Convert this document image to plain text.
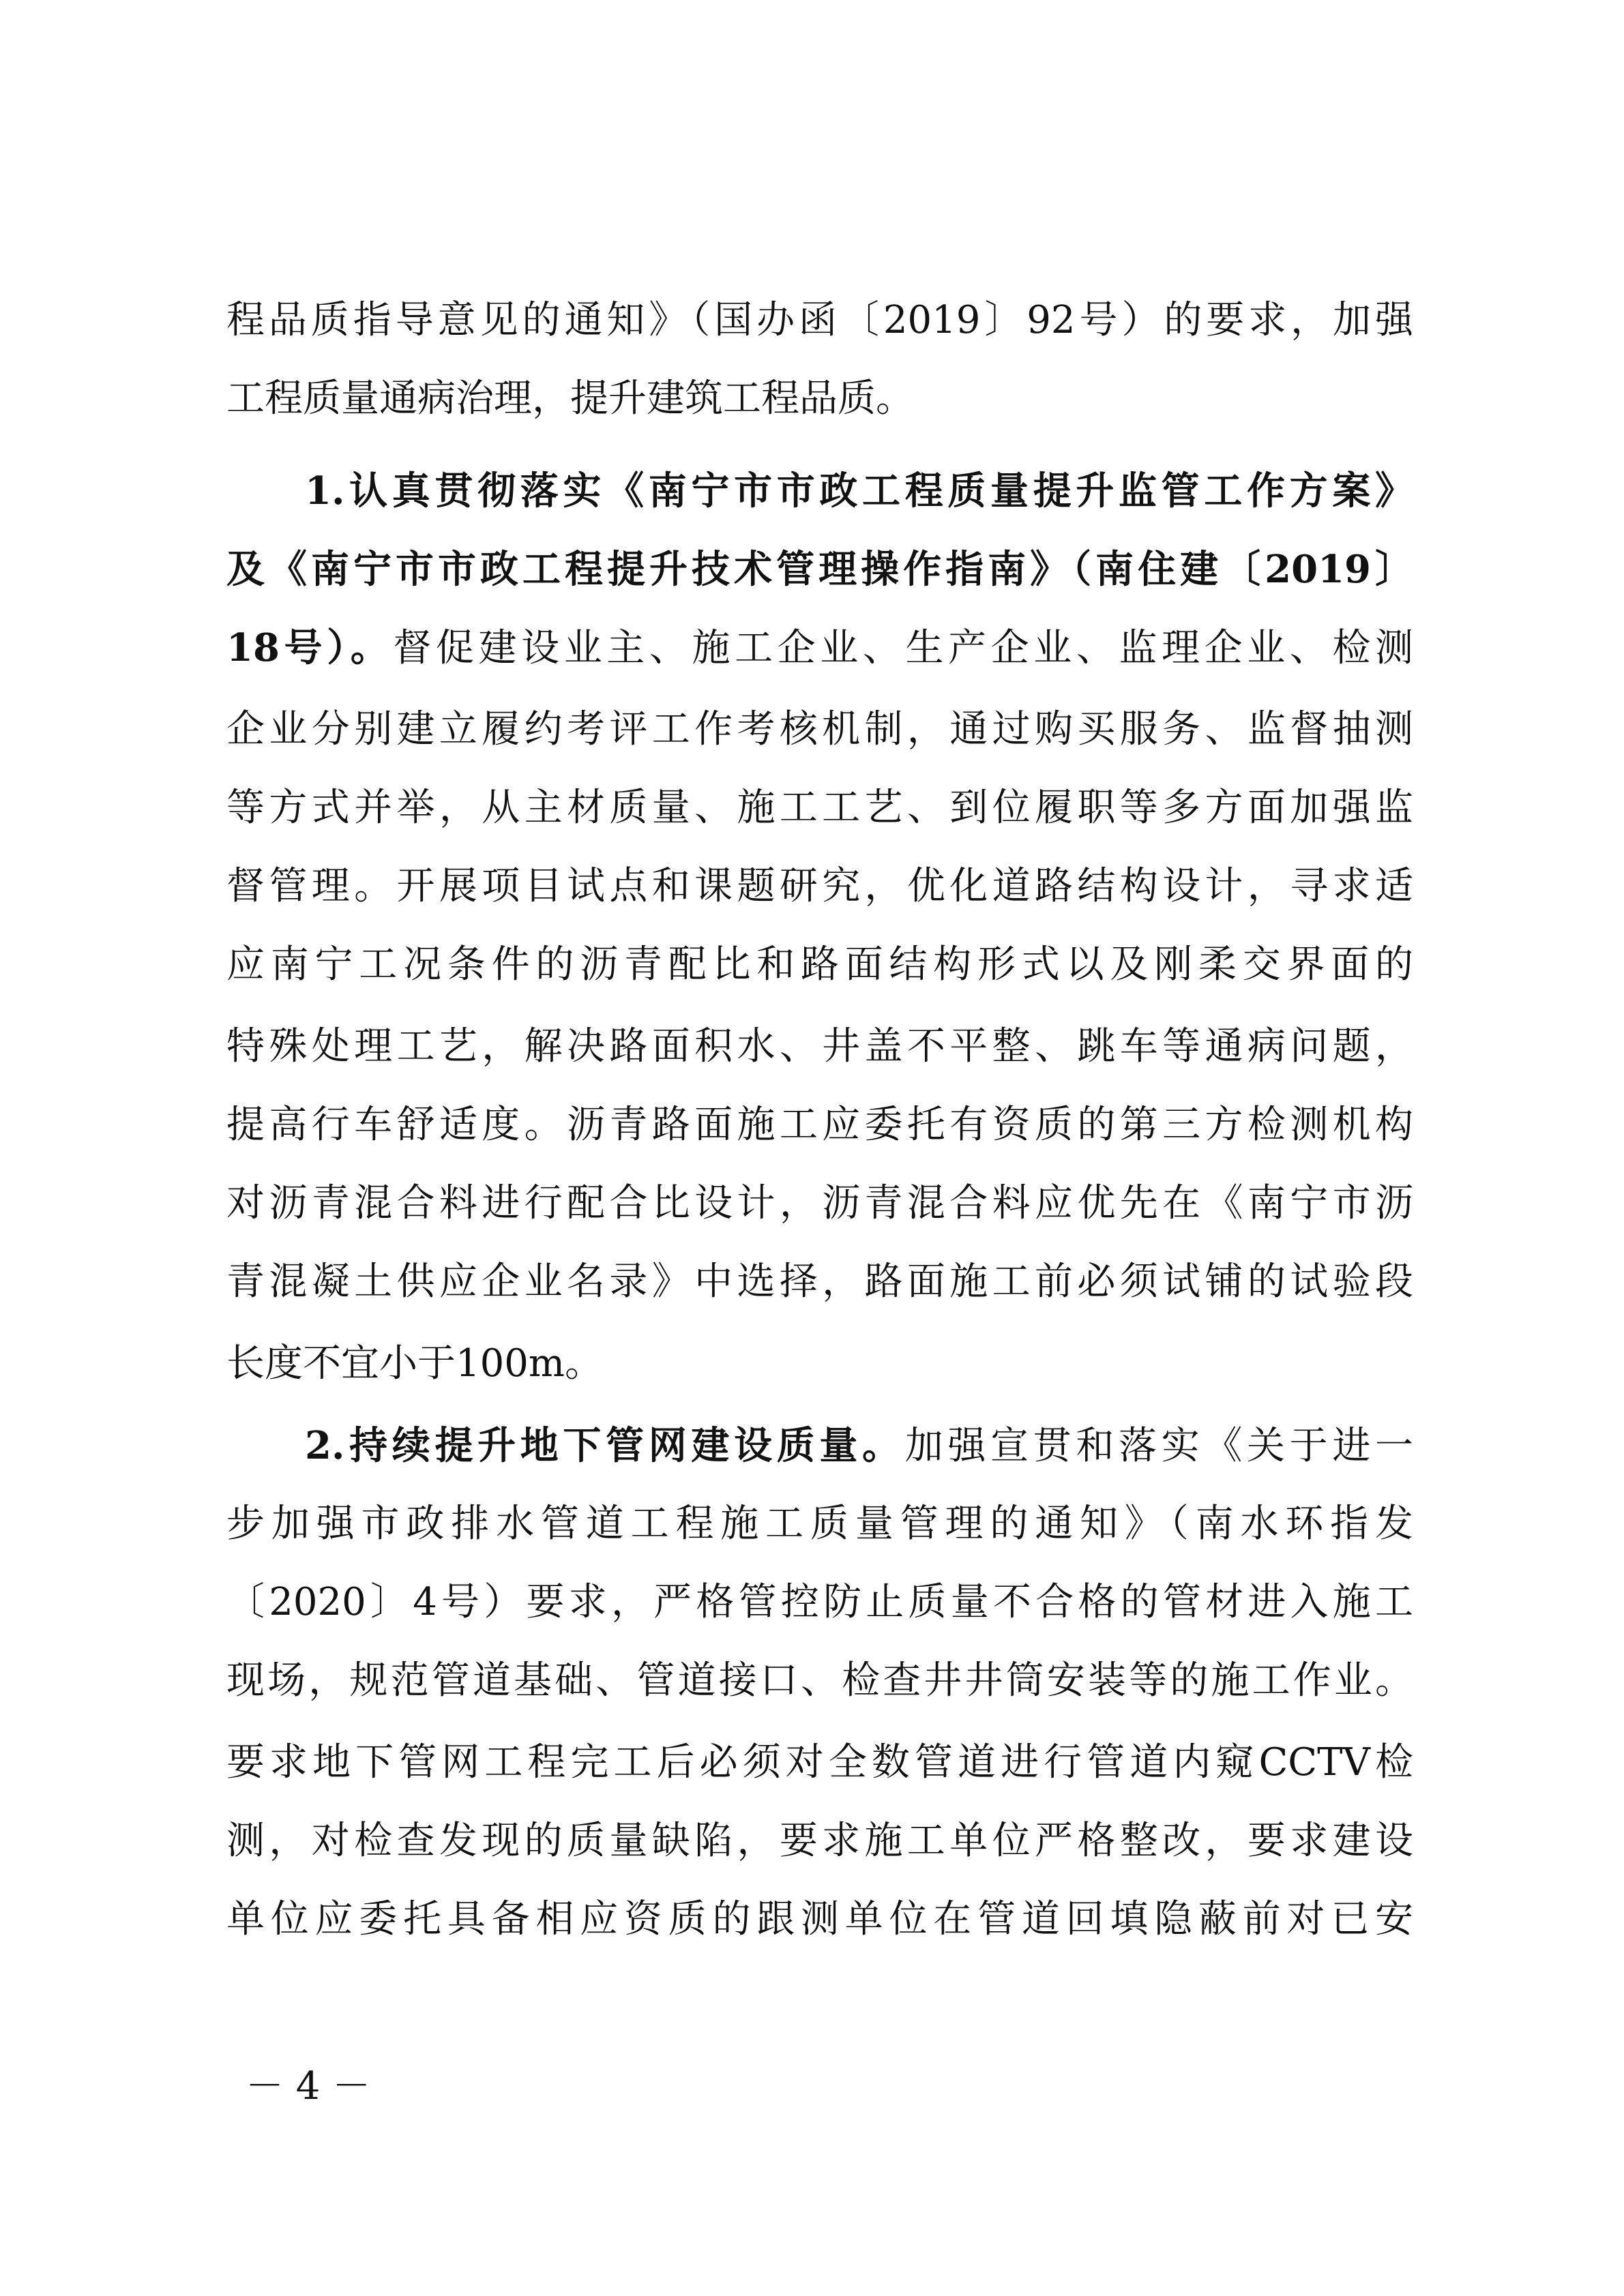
程品质指导意见的通知》（国办函〔2019〕92号）的要求，加强
工程质量通病治理，提升建筑工程品质。
1.认真贯彻落实《南宁市市政工程质量提升监管工作方案》
及《南宁市市政工程提升技术管理操作指南》（南住建〔2019〕
18号）。督促建设业主、施工企业、生产企业、监理企业、检测
企业分别建立履约考评工作考核机制，通过购买服务、监督抽测
等方式并举，从主材质量、施工工艺、到位履职等多方面加强监
督管理。开展项目试点和课题研究，优化道路结构设计，寻求适
应南宁工况条件的沥青配比和路面结构形式以及刚柔交界面的
特殊处理工艺，解决路面积水、井盖不平整、跳车等通病问题，
提高行车舒适度。沥青路面施工应委托有资质的第三方检测机构
对沥青混合料进行配合比设计，沥青混合料应优先在《南宁市沥
青混凝土供应企业名录》中选择，路面施工前必须试铺的试验段
长度不宜小于100m。
2.持续提升地下管网建设质量。加强宣贯和落实《关于进一
步加强市政排水管道工程施工质量管理的通知》（南水环指发
〔2020〕4号）要求，严格管控防止质量不合格的管材进入施工
现场，规范管道基础、管道接口、检查井井筒安装等的施工作业。
要求地下管网工程完工后必须对全数管道进行管道内窥CCTV检
测，对检查发现的质量缺陷，要求施工单位严格整改，要求建设
单位应委托具备相应资质的跟测单位在管道回填隐蔽前对已安
－ 4 －
